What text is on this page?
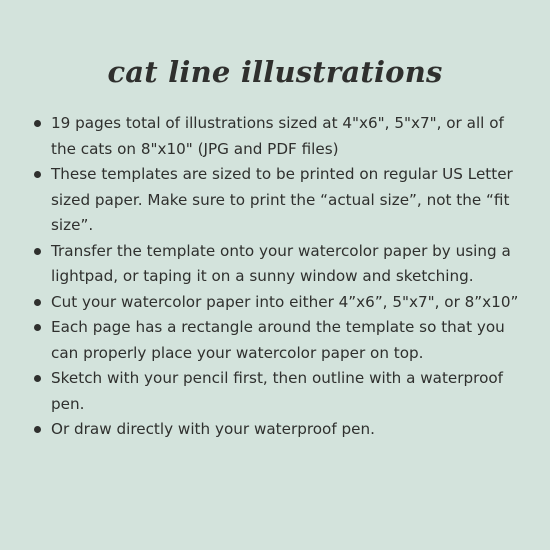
cat line illustrations
19 pages total of illustrations sized at 4"x6", 5"x7", or all of the cats on 8"x10" (JPG and PDF files)
These templates are sized to be printed on regular US Letter sized paper. Make sure to print the “actual size”, not the “fit size”.
Transfer the template onto your watercolor paper by using a lightpad, or taping it on a sunny window and sketching.
Cut your watercolor paper into either 4”x6”, 5"x7", or 8”x10”
Each page has a rectangle around the template so that you can properly place your watercolor paper on top.
Sketch with your pencil first, then outline with a waterproof pen.
Or draw directly with your waterproof pen.
